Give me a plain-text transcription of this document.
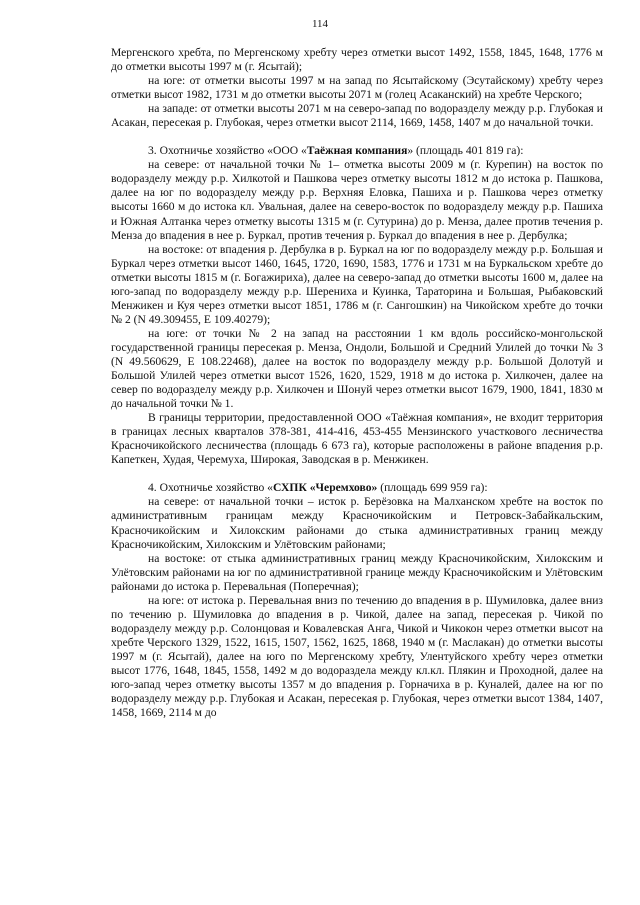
114

Мергенского хребта, по Мергенскому хребту через отметки высот 1492, 1558, 1845, 1648, 1776 м до отметки высоты 1997 м (г. Ясытай);

на юге: от отметки высоты 1997 м на запад по Ясытайскому (Эсутайскому) хребту через отметки высот 1982, 1731 м до отметки высоты 2071 м (голец Асаканский) на хребте Черского;

на западе: от отметки высоты 2071 м на северо-запад по водоразделу между р.р. Глубокая и Асакан, пересекая р. Глубокая, через отметки высот 2114, 1669, 1458, 1407 м до начальной точки.

3. Охотничье хозяйство «ООО «Таёжная компания» (площадь 401 819 га):

на севере: от начальной точки № 1– отметка высоты 2009 м (г. Курепин) на восток по водоразделу между р.р. Хилкотой и Пашкова через отметку высоты 1812 м до истока р. Пашкова, далее на юг по водоразделу между р.р. Верхняя Еловка, Пашиха и р. Пашкова через отметку высоты 1660 м до истока кл. Увальная, далее на северо-восток по водоразделу между р.р. Пашиха и Южная Алтанка через отметку высоты 1315 м (г. Сутурина) до р. Менза, далее против течения р. Менза до впадения в нее р. Буркал, против течения р. Буркал до впадения в нее р. Дербулка;

на востоке: от впадения р. Дербулка в р. Буркал на юг по водоразделу между р.р. Большая и Буркал через отметки высот 1460, 1645, 1720, 1690, 1583, 1776 и 1731 м на Буркальском хребте до отметки высоты 1815 м (г. Богажириха), далее на северо-запад до отметки высоты 1600 м, далее на юго-запад по водоразделу между р.р. Шерениха и Куинка, Тараторина и Большая, Рыбаковский Менжикен и Куя через отметки высот 1851, 1786 м (г. Сангошкин) на Чикойском хребте до точки № 2 (N 49.309455, E 109.40279);

на юге: от точки № 2 на запад на расстоянии 1 км вдоль российско-монгольской государственной границы пересекая р. Менза, Ондоли, Большой и Средний Улилей до точки № 3 (N 49.560629, E 108.22468), далее на восток по водоразделу между р.р. Большой Долотуй и Большой Улилей через отметки высот 1526, 1620, 1529, 1918 м до истока р. Хилкочен, далее на север по водоразделу между р.р. Хилкочен и Шонуй через отметки высот 1679, 1900, 1841, 1830 м до начальной точки № 1.

В границы территории, предоставленной ООО «Таёжная компания», не входит территория в границах лесных кварталов 378-381, 414-416, 453-455 Мензинского участкового лесничества Красночикойского лесничества (площадь 6 673 га), которые расположены в районе впадения р.р. Капеткен, Худая, Черемуха, Широкая, Заводская в р. Менжикен.

4. Охотничье хозяйство «СХПК «Черемхово» (площадь 699 959 га):

на севере: от начальной точки – исток р. Берёзовка на Малханском хребте на восток по административным границам между Красночикойским и Петровск-Забайкальским, Красночикойским и Хилокским районами до стыка административных границ между Красночикойским, Хилокским и Улётовским районами;

на востоке: от стыка административных границ между Красночикойским, Хилокским и Улётовским районами на юг по административной границе между Красночикойским и Улётовским районами до истока р. Перевальная (Поперечная);

на юге: от истока р. Перевальная вниз по течению до впадения в р. Шумиловка, далее вниз по течению р. Шумиловка до впадения в р. Чикой, далее на запад, пересекая р. Чикой по водоразделу между р.р. Солонцовая и Ковалевская Анга, Чикой и Чикокон через отметки высот на хребте Черского 1329, 1522, 1615, 1507, 1562, 1625, 1868, 1940 м (г. Маслакан) до отметки высоты 1997 м (г. Ясытай), далее на юго по Мергенскому хребту, Улентуйского хребту через отметки высот 1776, 1648, 1845, 1558, 1492 м до водораздела между кл.кл. Плякин и Проходной, далее на юго-запад через отметку высоты 1357 м до впадения р. Горначиха в р. Куналей, далее на юг по водоразделу между р.р. Глубокая и Асакан, пересекая р. Глубокая, через отметки высот 1384, 1407, 1458, 1669, 2114 м до
